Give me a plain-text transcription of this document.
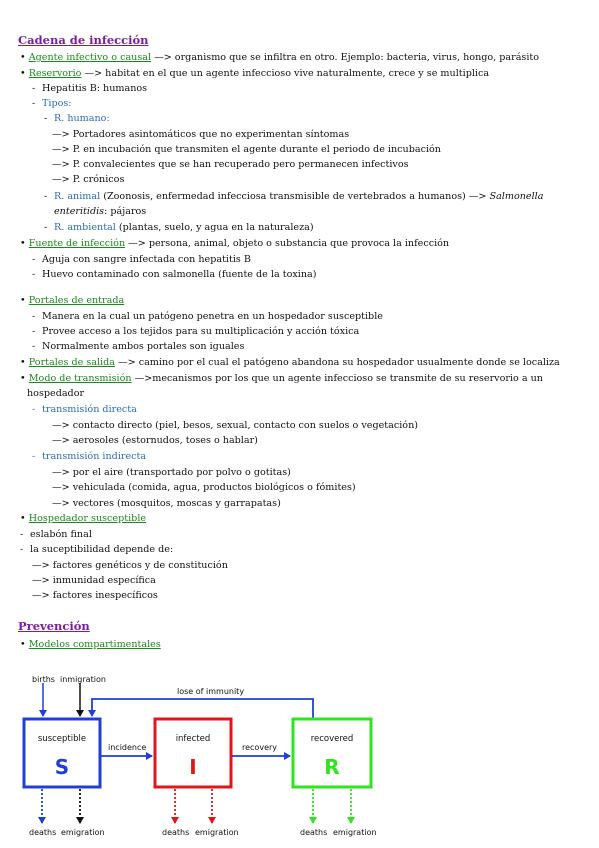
Cadena de infección
• Agente infectivo o causal —> organismo que se infiltra en otro. Ejemplo: bacteria, virus, hongo, parásito
• Reservorio —> habitat en el que un agente infeccioso vive naturalmente, crece y se multiplica
‐ Hepatitis B: humanos
‐ Tipos:
‐ R. humano:
—> Portadores asintomáticos que no experimentan síntomas
—> P. en incubación que transmiten el agente durante el periodo de incubación
—> P. convalecientes que se han recuperado pero permanecen infectivos
—> P. crónicos
‐ R. animal (Zoonosis, enfermedad infecciosa transmisible de vertebrados a humanos) —> Salmonella
enteritidis: pájaros
‐ R. ambiental (plantas, suelo, y agua en la naturaleza)
• Fuente de infección —> persona, animal, objeto o substancia que provoca la infección
‐ Aguja con sangre infectada con hepatitis B
‐ Huevo contaminado con salmonella (fuente de la toxina)
• Portales de entrada
‐ Manera en la cual un patógeno penetra en un hospedador susceptible
‐ Provee acceso a los tejidos para su multiplicación y acción tóxica
‐ Normalmente ambos portales son iguales
• Portales de salida —> camino por el cual el patógeno abandona su hospedador usualmente donde se localiza
• Modo de transmisión —>mecanismos por los que un agente infeccioso se transmite de su reservorio a un
hospedador
‐ transmisión directa
—> contacto directo (piel, besos, sexual, contacto con suelos o vegetación)
—> aerosoles (estornudos, toses o hablar)
‐ transmisión indirecta
—> por el aire (transportado por polvo o gotitas)
—> vehiculada (comida, agua, productos biológicos o fómites)
—> vectores (mosquitos, moscas y garrapatas)
• Hospedador susceptible
‐ eslabón final
‐ la suceptibilidad depende de:
—> factores genéticos y de constitución
—> inmunidad específica
—> factores inespecíficos
Prevención
• Modelos compartimentales
births inmigration
lose of immunity
susceptible
S
infected
I
recovered
R
incidence	recovery
deaths emigration	deaths emigration	deaths emigration
